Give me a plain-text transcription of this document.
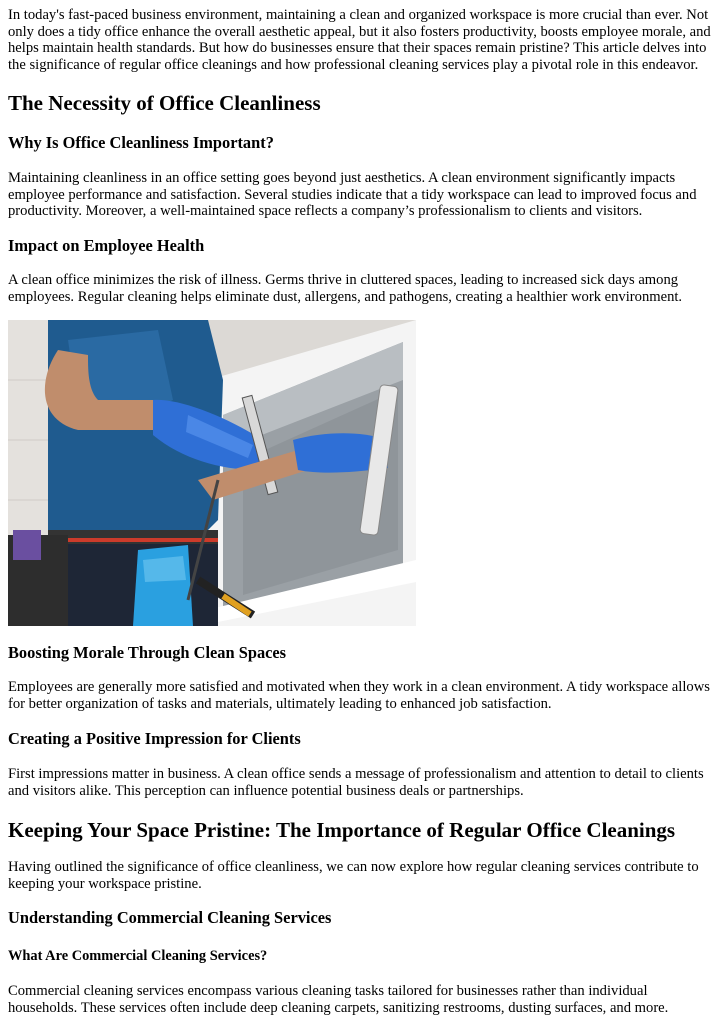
In today's fast-paced business environment, maintaining a clean and organized workspace is more crucial than ever. Not only does a tidy office enhance the overall aesthetic appeal, but it also fosters productivity, boosts employee morale, and helps maintain health standards. But how do businesses ensure that their spaces remain pristine? This article delves into the significance of regular office cleanings and how professional cleaning services play a pivotal role in this endeavor.

The Necessity of Office Cleanliness
Why Is Office Cleanliness Important?

Maintaining cleanliness in an office setting goes beyond just aesthetics. A clean environment significantly impacts employee performance and satisfaction. Several studies indicate that a tidy workspace can lead to improved focus and productivity. Moreover, a well-maintained space reflects a company’s professionalism to clients and visitors.

Impact on Employee Health

A clean office minimizes the risk of illness. Germs thrive in cluttered spaces, leading to increased sick days among employees. Regular cleaning helps eliminate dust, allergens, and pathogens, creating a healthier work environment.

Boosting Morale Through Clean Spaces

Employees are generally more satisfied and motivated when they work in a clean environment. A tidy workspace allows for better organization of tasks and materials, ultimately leading to enhanced job satisfaction.

Creating a Positive Impression for Clients

First impressions matter in business. A clean office sends a message of professionalism and attention to detail to clients and visitors alike. This perception can influence potential business deals or partnerships.

Keeping Your Space Pristine: The Importance of Regular Office Cleanings

Having outlined the significance of office cleanliness, we can now explore how regular cleaning services contribute to keeping your workspace pristine.

Understanding Commercial Cleaning Services
What Are Commercial Cleaning Services?

Commercial cleaning services encompass various cleaning tasks tailored for businesses rather than individual households. These services often include deep cleaning carpets, sanitizing restrooms, dusting surfaces, and more.
